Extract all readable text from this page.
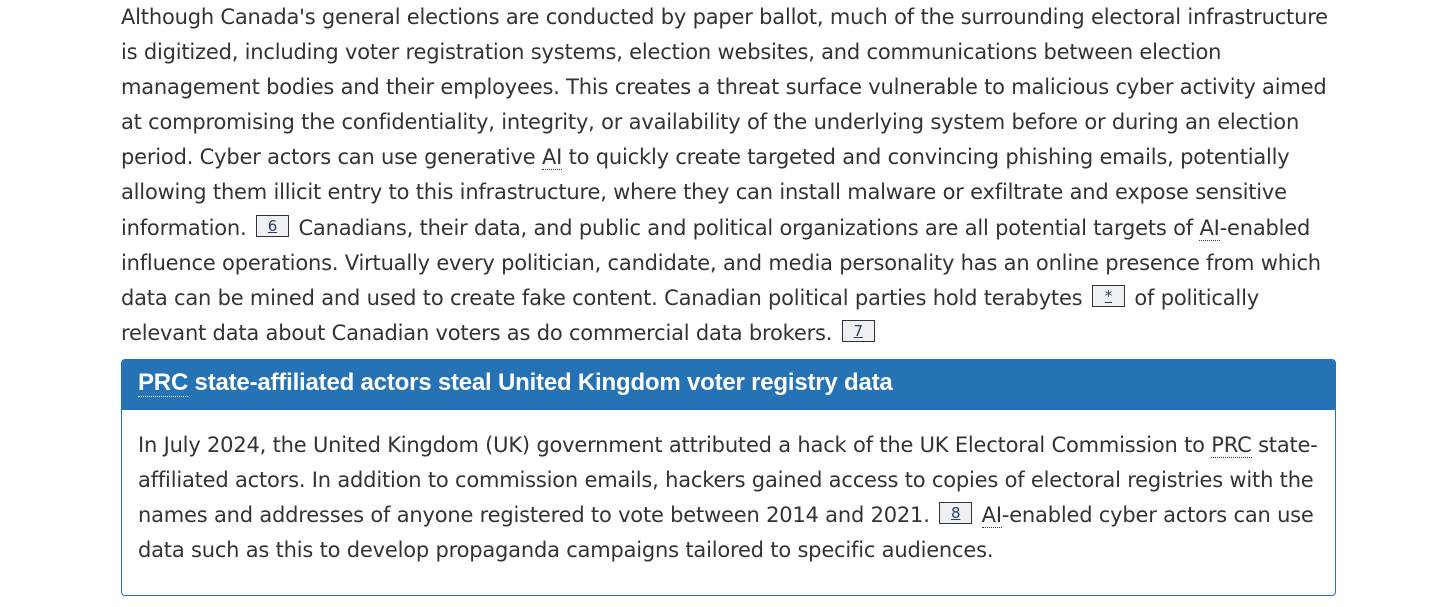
Although Canada's general elections are conducted by paper ballot, much of the surrounding electoral infrastructure is digitized, including voter registration systems, election websites, and communications between election management bodies and their employees. This creates a threat surface vulnerable to malicious cyber activity aimed at compromising the confidentiality, integrity, or availability of the underlying system before or during an election period. Cyber actors can use generative AI to quickly create targeted and convincing phishing emails, potentially allowing them illicit entry to this infrastructure, where they can install malware or exfiltrate and expose sensitive information. 6 Canadians, their data, and public and political organizations are all potential targets of AI-enabled influence operations. Virtually every politician, candidate, and media personality has an online presence from which data can be mined and used to create fake content. Canadian political parties hold terabytes * of politically relevant data about Canadian voters as do commercial data brokers. 7

PRC state-affiliated actors steal United Kingdom voter registry data

In July 2024, the United Kingdom (UK) government attributed a hack of the UK Electoral Commission to PRC state-affiliated actors. In addition to commission emails, hackers gained access to copies of electoral registries with the names and addresses of anyone registered to vote between 2014 and 2021. 8 AI-enabled cyber actors can use data such as this to develop propaganda campaigns tailored to specific audiences.
